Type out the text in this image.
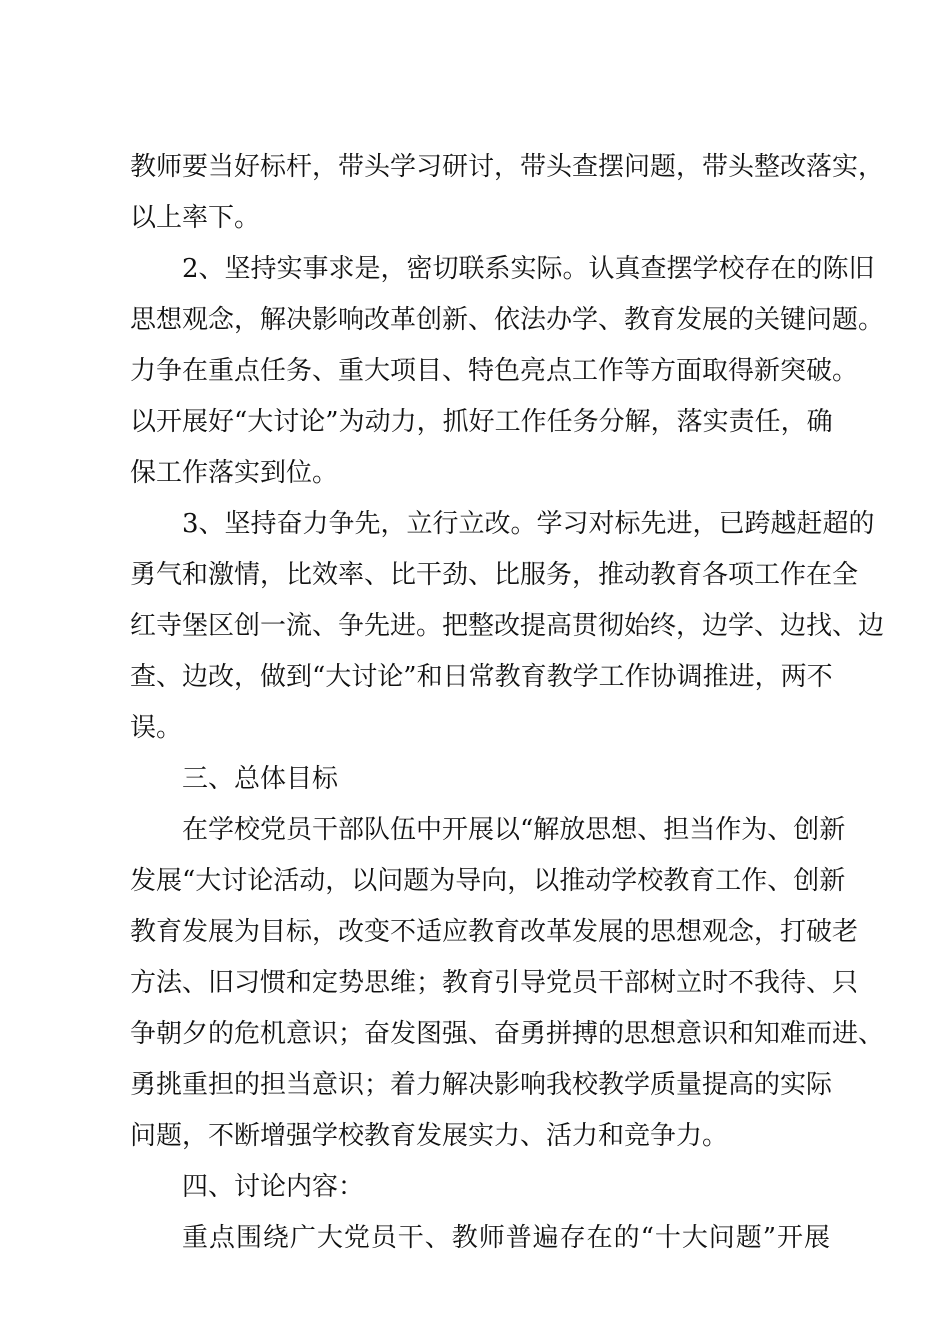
教师要当好标杆，带头学习研讨，带头查摆问题，带头整改落实，
以上率下。
2、坚持实事求是，密切联系实际。认真查摆学校存在的陈旧
思想观念，解决影响改革创新、依法办学、教育发展的关键问题。
力争在重点任务、重大项目、特色亮点工作等方面取得新突破。
以开展好“大讨论”为动力，抓好工作任务分解，落实责任，确
保工作落实到位。
3、坚持奋力争先，立行立改。学习对标先进，已跨越赶超的
勇气和激情，比效率、比干劲、比服务，推动教育各项工作在全
红寺堡区创一流、争先进。把整改提高贯彻始终，边学、边找、边
查、边改，做到“大讨论”和日常教育教学工作协调推进，两不
误。
三、总体目标
在学校党员干部队伍中开展以“解放思想、担当作为、创新
发展“大讨论活动，以问题为导向，以推动学校教育工作、创新
教育发展为目标，改变不适应教育改革发展的思想观念，打破老
方法、旧习惯和定势思维；教育引导党员干部树立时不我待、只
争朝夕的危机意识；奋发图强、奋勇拼搏的思想意识和知难而进、
勇挑重担的担当意识；着力解决影响我校教学质量提高的实际
问题，不断增强学校教育发展实力、活力和竞争力。
四、讨论内容：
重点围绕广大党员干、教师普遍存在的“十大问题”开展
